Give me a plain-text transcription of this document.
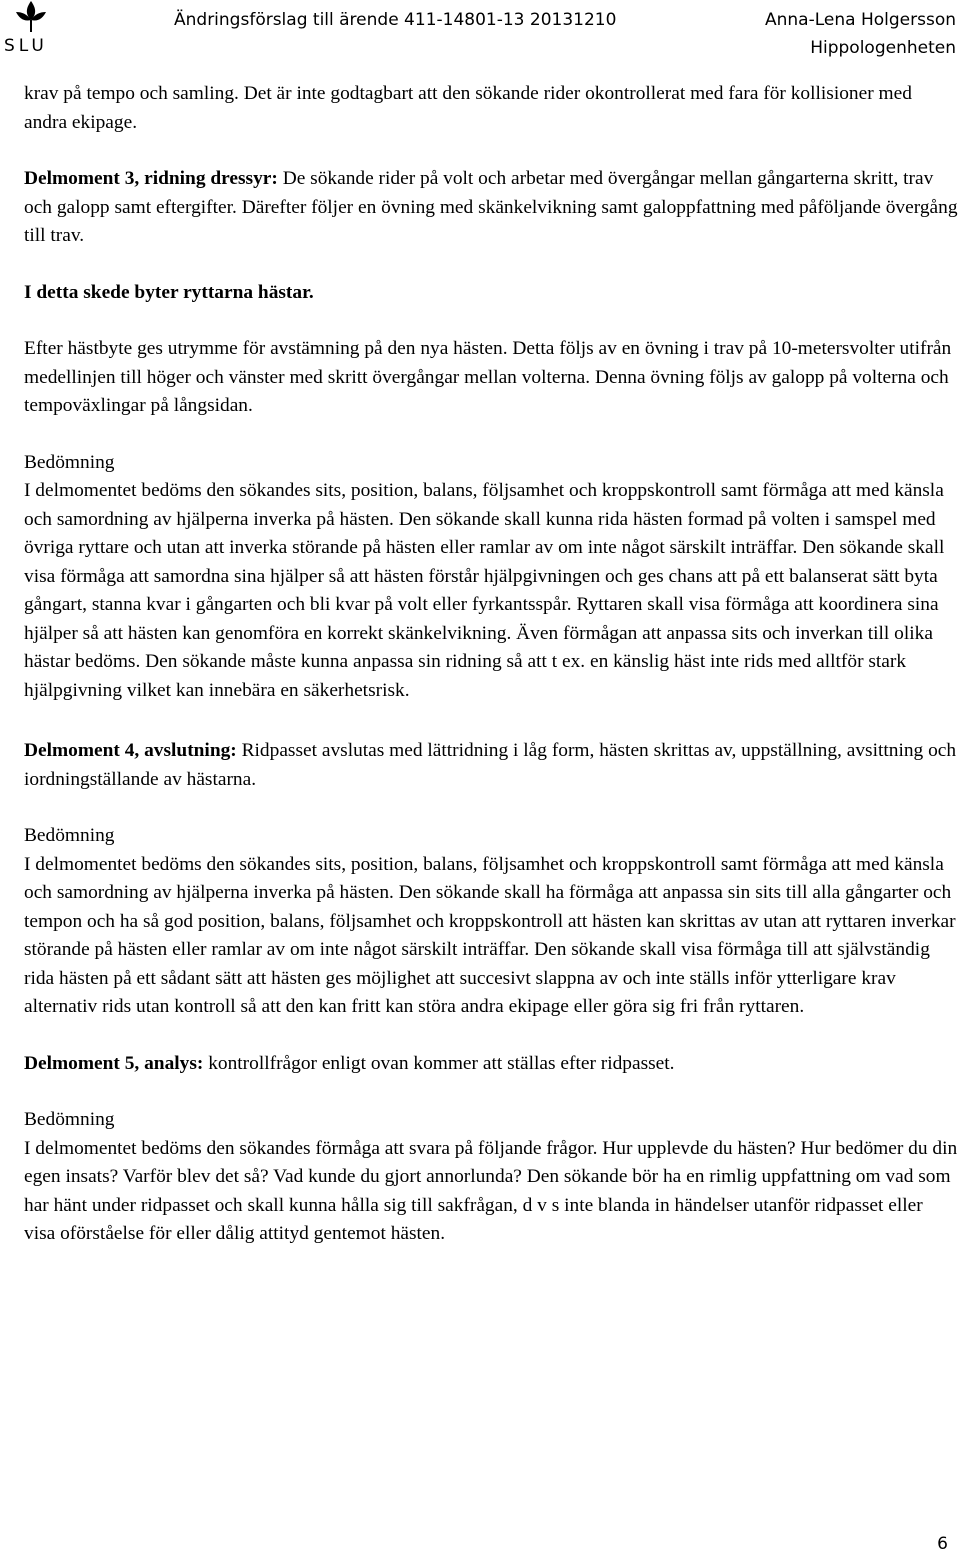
SLU
Ändringsförslag till ärende 411-14801-13 20131210	Anna-Lena Holgersson
Hippologenheten

krav på tempo och samling. Det är inte godtagbart att den sökande rider okontrollerat med fara för kollisioner med andra ekipage.

Delmoment 3, ridning dressyr: De sökande rider på volt och arbetar med övergångar mellan gångarterna skritt, trav och galopp samt eftergifter. Därefter följer en övning med skänkelvikning samt galoppfattning med påföljande övergång till trav.

I detta skede byter ryttarna hästar.

Efter hästbyte ges utrymme för avstämning på den nya hästen. Detta följs av en övning i trav på 10-metersvolter utifrån medellinjen till höger och vänster med skritt övergångar mellan volterna. Denna övning följs av galopp på volterna och tempoväxlingar på långsidan.

Bedömning

I delmomentet bedöms den sökandes sits, position, balans, följsamhet och kroppskontroll samt förmåga att med känsla och samordning av hjälperna inverka på hästen. Den sökande skall kunna rida hästen formad på volten i samspel med övriga ryttare och utan att inverka störande på hästen eller ramlar av om inte något särskilt inträffar. Den sökande skall visa förmåga att samordna sina hjälper så att hästen förstår hjälpgivningen och ges chans att på ett balanserat sätt byta gångart, stanna kvar i gångarten och bli kvar på volt eller fyrkantsspår. Ryttaren skall visa förmåga att koordinera sina hjälper så att hästen kan genomföra en korrekt skänkelvikning. Även förmågan att anpassa sits och inverkan till olika hästar bedöms. Den sökande måste kunna anpassa sin ridning så att t ex. en känslig häst inte rids med alltför stark hjälpgivning vilket kan innebära en säkerhetsrisk.

Delmoment 4, avslutning: Ridpasset avslutas med lättridning i låg form, hästen skrittas av, uppställning, avsittning och iordningställande av hästarna.

Bedömning

I delmomentet bedöms den sökandes sits, position, balans, följsamhet och kroppskontroll samt förmåga att med känsla och samordning av hjälperna inverka på hästen. Den sökande skall ha förmåga att anpassa sin sits till alla gångarter och tempon och ha så god position, balans, följsamhet och kroppskontroll att hästen kan skrittas av utan att ryttaren inverkar störande på hästen eller ramlar av om inte något särskilt inträffar. Den sökande skall visa förmåga till att självständig rida hästen på ett sådant sätt att hästen ges möjlighet att succesivt slappna av och inte ställs inför ytterligare krav alternativ rids utan kontroll så att den kan fritt kan störa andra ekipage eller göra sig fri från ryttaren.

Delmoment 5, analys: kontrollfrågor enligt ovan kommer att ställas efter ridpasset.

Bedömning

I delmomentet bedöms den sökandes förmåga att svara på följande frågor. Hur upplevde du hästen? Hur bedömer du din egen insats? Varför blev det så? Vad kunde du gjort annorlunda? Den sökande bör ha en rimlig uppfattning om vad som har hänt under ridpasset och skall kunna hålla sig till sakfrågan, d v s inte blanda in händelser utanför ridpasset eller visa oförståelse för eller dålig attityd gentemot hästen.

6
